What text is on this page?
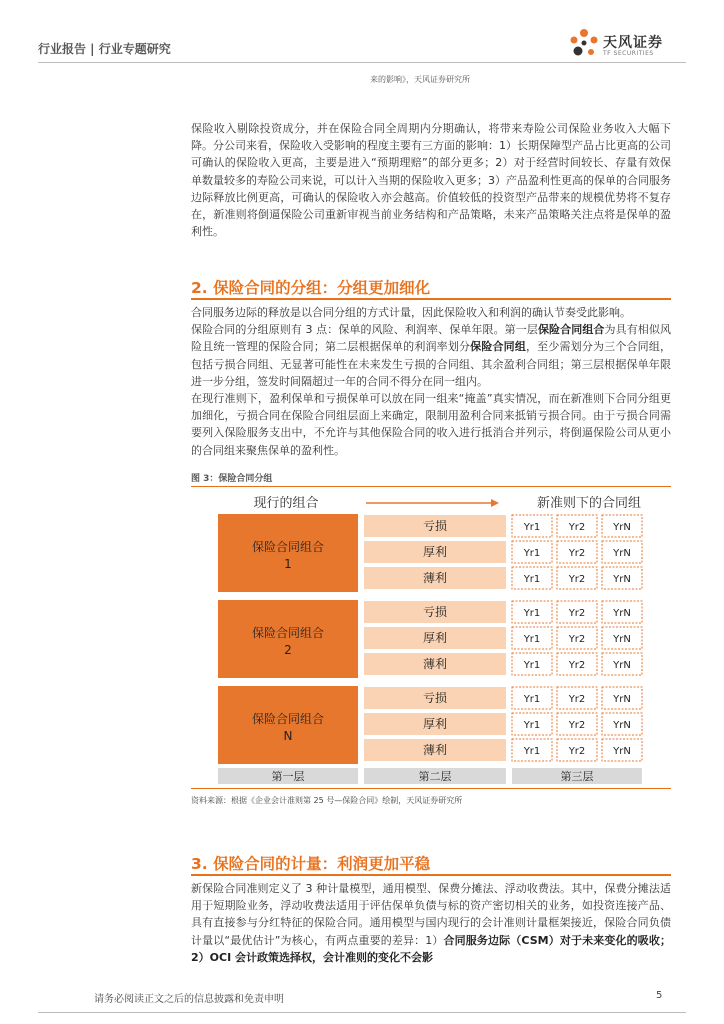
行业报告 | 行业专题研究	天风证券
TF SECURITIES
来的影响》，天风证券研究所

保险收入剔除投资成分，并在保险合同全周期内分期确认，将带来寿险公司保险业务收入大幅下降。分公司来看，保险收入受影响的程度主要有三方面的影响：1）长期保障型产品占比更高的公司可确认的保险收入更高，主要是进入“预期理赔”的部分更多；2）对于经营时间较长、存量有效保单数量较多的寿险公司来说，可以计入当期的保险收入更多；3）产品盈利性更高的保单的合同服务边际释放比例更高，可确认的保险收入亦会越高。价值较低的投资型产品带来的规模优势将不复存在，新准则将倒逼保险公司重新审视当前业务结构和产品策略，未来产品策略关注点将是保单的盈利性。

2. 保险合同的分组：分组更加细化

合同服务边际的释放是以合同分组的方式计量，因此保险收入和利润的确认节奏受此影响。

保险合同的分组原则有 3 点：保单的风险、利润率、保单年限。第一层保险合同组合为具有相似风险且统一管理的保险合同；第二层根据保单的利润率划分保险合同组，至少需划分为三个合同组，包括亏损合同组、无显著可能性在未来发生亏损的合同组、其余盈利合同组；第三层根据保单年限进一步分组，签发时间隔超过一年的合同不得分在同一组内。

在现行准则下，盈利保单和亏损保单可以放在同一组来“掩盖”真实情况，而在新准则下合同分组更加细化，亏损合同在保险合同组层面上来确定，限制用盈利合同来抵销亏损合同。由于亏损合同需要列入保险服务支出中，不允许与其他保险合同的收入进行抵消合并列示，将倒逼保险公司从更小的合同组来聚焦保单的盈利性。

图 3：保险合同分组
现行的组合	新准则下的合同组
保险合同组合
1
亏损	Yr1	Yr2	YrN
厚利	Yr1	Yr2	YrN
薄利	Yr1	Yr2	YrN
保险合同组合
2
亏损	Yr1	Yr2	YrN
厚利	Yr1	Yr2	YrN
薄利	Yr1	Yr2	YrN
保险合同组合
N
亏损	Yr1	Yr2	YrN
厚利	Yr1	Yr2	YrN
薄利	Yr1	Yr2	YrN
第一层	第二层	第三层
资料来源：根据《企业会计准则第 25 号—保险合同》绘制，天风证券研究所
3. 保险合同的计量：利润更加平稳

新保险合同准则定义了 3 种计量模型，通用模型、保费分摊法、浮动收费法。其中，保费分摊法适用于短期险业务，浮动收费法适用于评估保单负债与标的资产密切相关的业务，如投资连接产品、具有直接参与分红特征的保险合同。通用模型与国内现行的会计准则计量框架接近，保险合同负债计量以“最优估计”为核心，有两点重要的差异：1）合同服务边际（CSM）对于未来变化的吸收；2）OCI 会计政策选择权，会计准则的变化不会影

请务必阅读正文之后的信息披露和免责申明	5
